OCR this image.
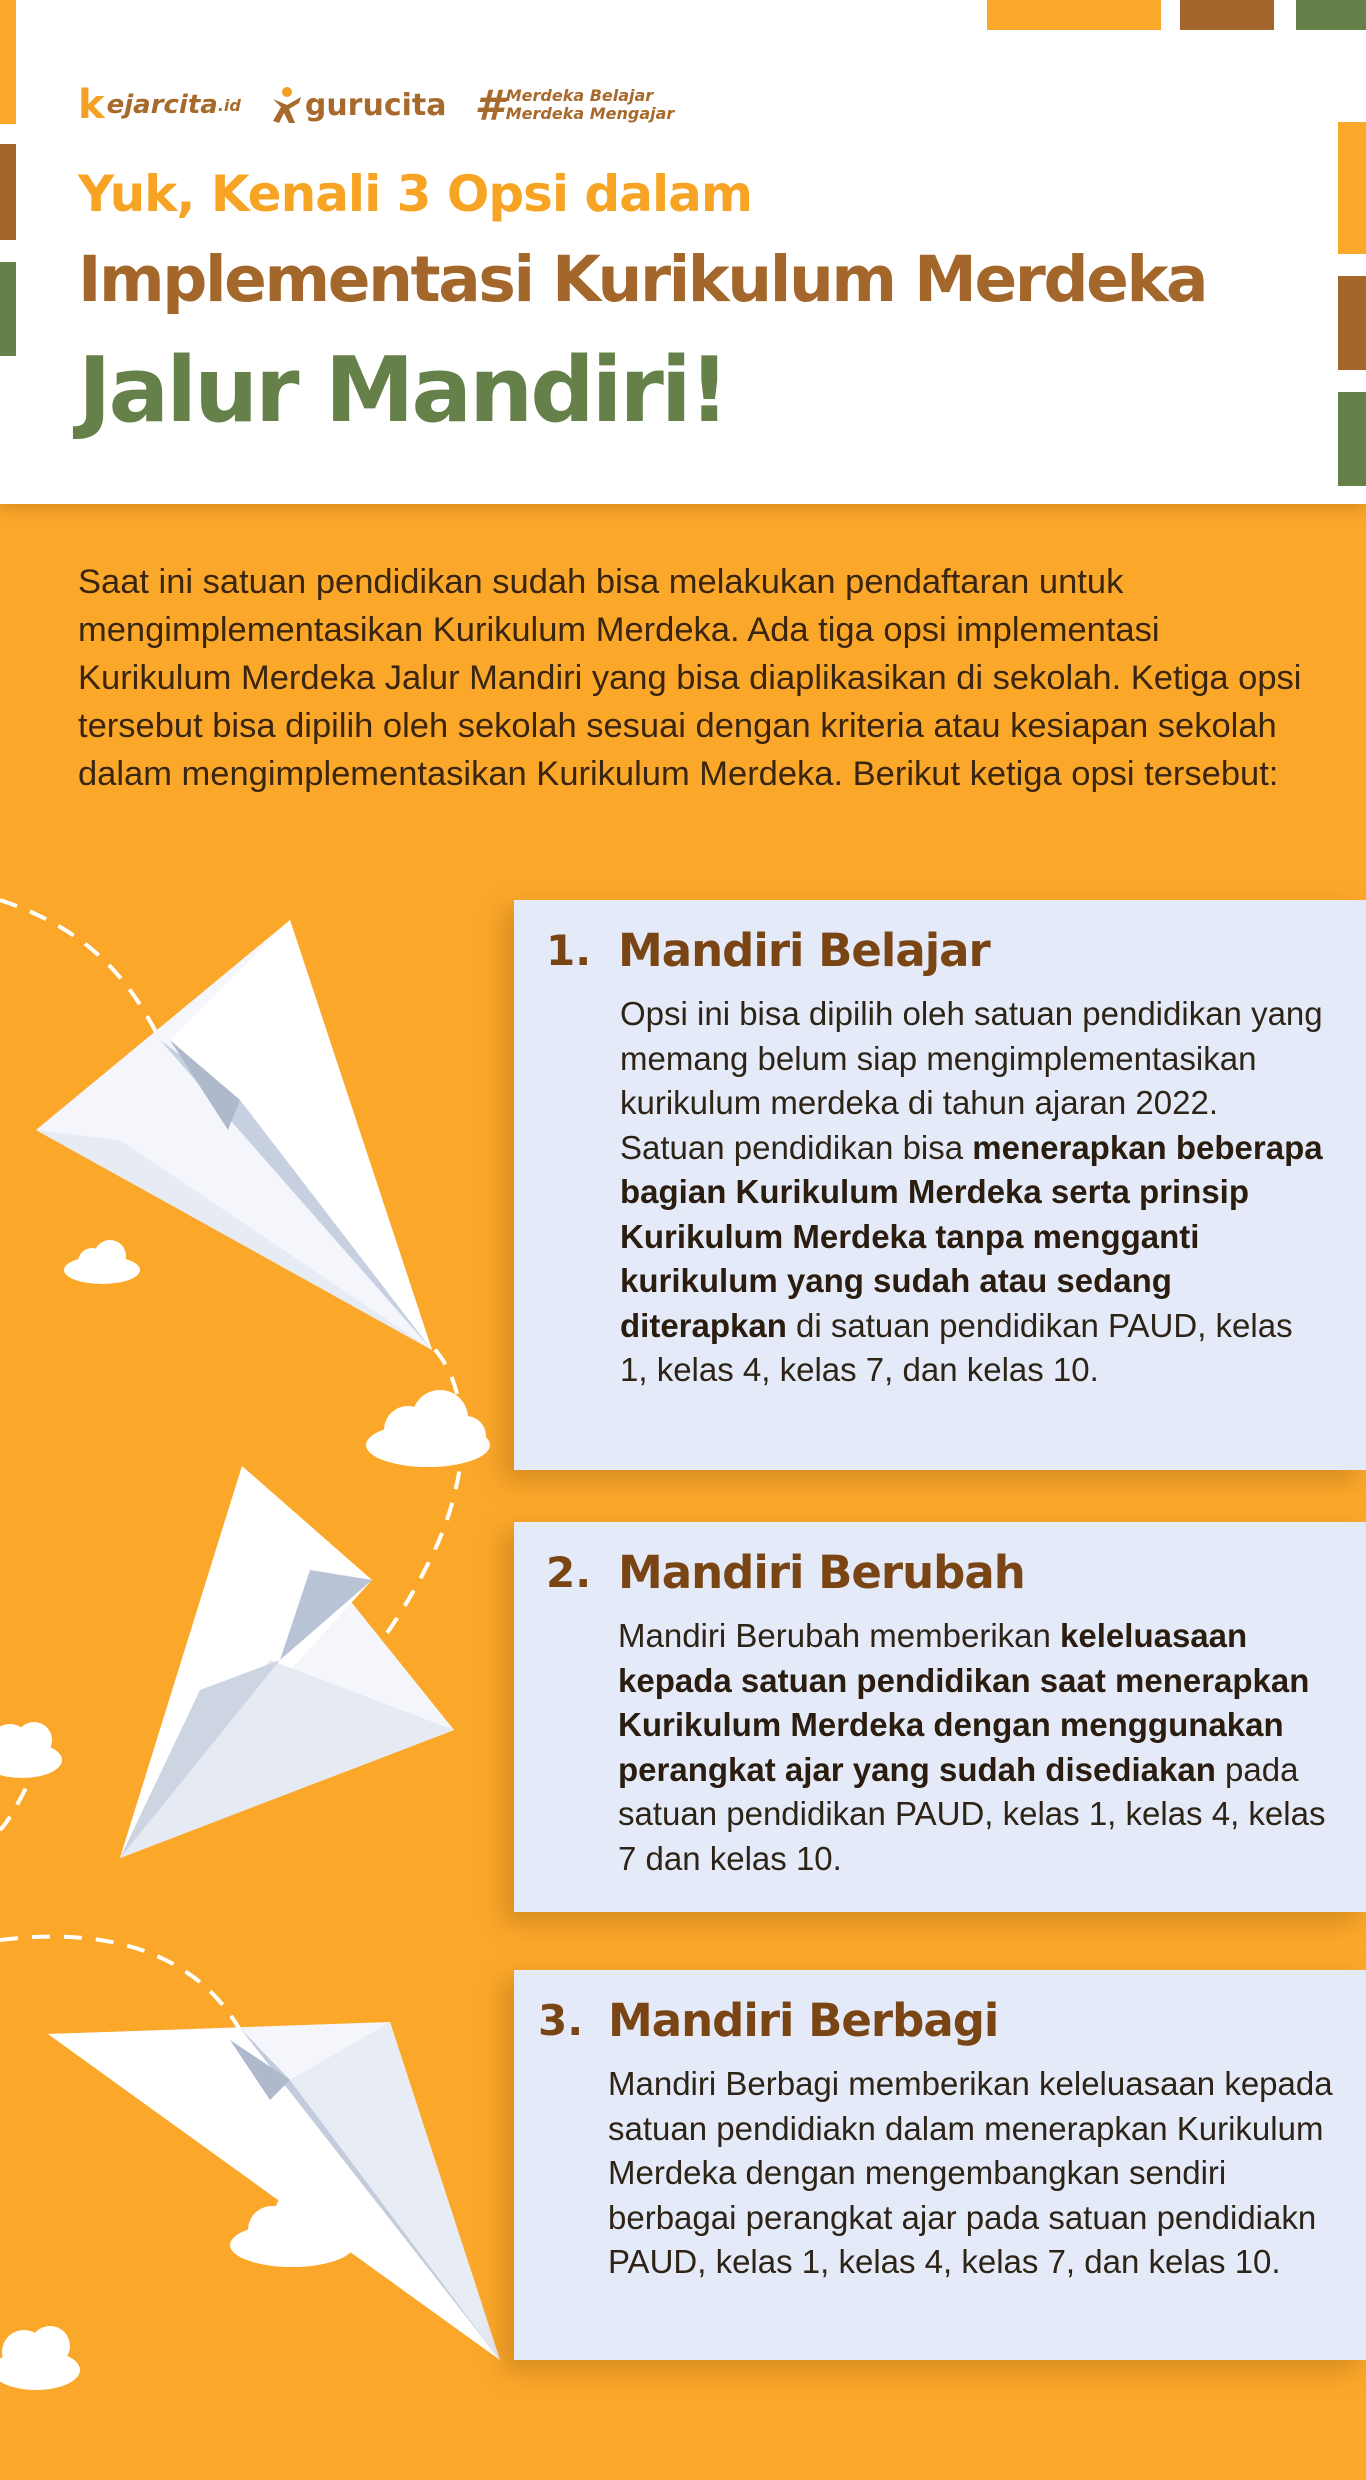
k ejarcita .id gurucita # Merdeka Belajar
Merdeka Mengajar
Yuk, Kenali 3 Opsi dalam
Implementasi Kurikulum Merdeka
Jalur Mandiri!
Saat ini satuan pendidikan sudah bisa melakukan pendaftaran untuk mengimplementasikan Kurikulum Merdeka. Ada tiga opsi implementasi Kurikulum Merdeka Jalur Mandiri yang bisa diaplikasikan di sekolah. Ketiga opsi tersebut bisa dipilih oleh sekolah sesuai dengan kriteria atau kesiapan sekolah dalam mengimplementasikan Kurikulum Merdeka. Berikut ketiga opsi tersebut:
1. Mandiri Belajar
Opsi ini bisa dipilih oleh satuan pendidikan yang memang belum siap mengimplementasikan kurikulum merdeka di tahun ajaran 2022. Satuan pendidikan bisa menerapkan beberapa bagian Kurikulum Merdeka serta prinsip Kurikulum Merdeka tanpa mengganti kurikulum yang sudah atau sedang diterapkan di satuan pendidikan PAUD, kelas 1, kelas 4, kelas 7, dan kelas 10.
2. Mandiri Berubah
Mandiri Berubah memberikan keleluasaan kepada satuan pendidikan saat menerapkan Kurikulum Merdeka dengan menggunakan perangkat ajar yang sudah disediakan pada satuan pendidikan PAUD, kelas 1, kelas 4, kelas 7 dan kelas 10.
3. Mandiri Berbagi
Mandiri Berbagi memberikan keleluasaan kepada satuan pendidiakn dalam menerapkan Kurikulum Merdeka dengan mengembangkan sendiri berbagai perangkat ajar pada satuan pendidiakn PAUD, kelas 1, kelas 4, kelas 7, dan kelas 10.
